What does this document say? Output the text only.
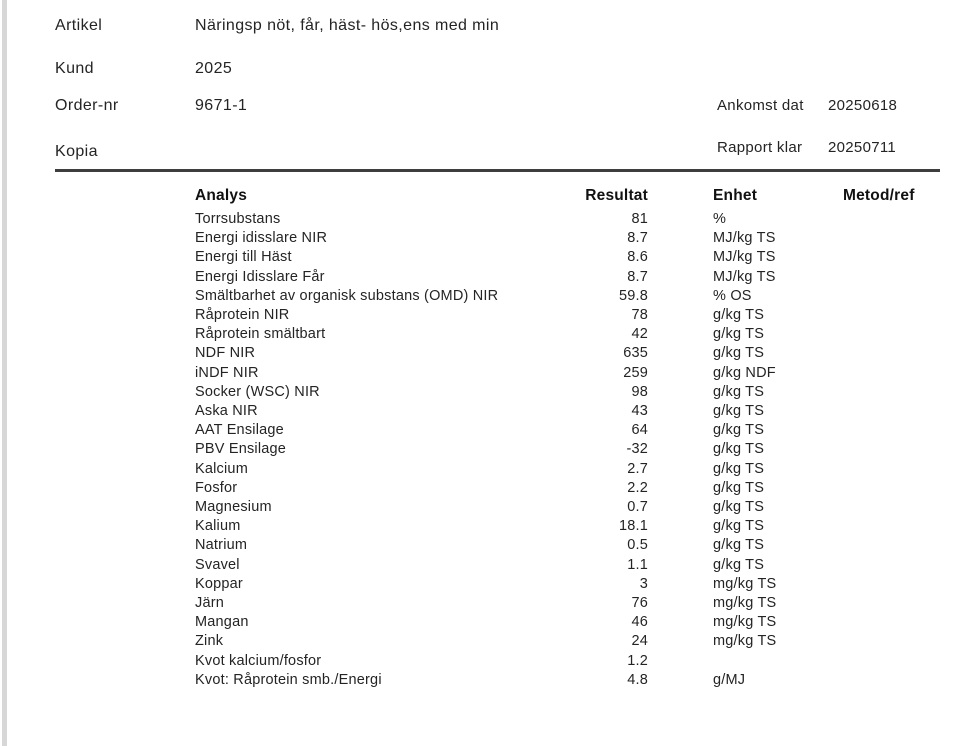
Artikel	Näringsp nöt, får, häst- hös,ens med min
Kund	2025
Order-nr	9671-1
Kopia
Ankomst dat 20250618
Rapport klar 20250711
Analys	Resultat	Enhet	Metod/ref
Torrsubstans	81	%
Energi idisslare NIR	8.7	MJ/kg TS
Energi till Häst	8.6	MJ/kg TS
Energi Idisslare Får	8.7	MJ/kg TS
Smältbarhet av organisk substans (OMD) NIR	59.8	% OS
Råprotein NIR	78	g/kg TS
Råprotein smältbart	42	g/kg TS
NDF NIR	635	g/kg TS
iNDF NIR	259	g/kg NDF
Socker (WSC) NIR	98	g/kg TS
Aska NIR	43	g/kg TS
AAT Ensilage	64	g/kg TS
PBV Ensilage	-32	g/kg TS
Kalcium	2.7	g/kg TS
Fosfor	2.2	g/kg TS
Magnesium	0.7	g/kg TS
Kalium	18.1	g/kg TS
Natrium	0.5	g/kg TS
Svavel	1.1	g/kg TS
Koppar	3	mg/kg TS
Järn	76	mg/kg TS
Mangan	46	mg/kg TS
Zink	24	mg/kg TS
Kvot kalcium/fosfor	1.2
Kvot: Råprotein smb./Energi	4.8	g/MJ
